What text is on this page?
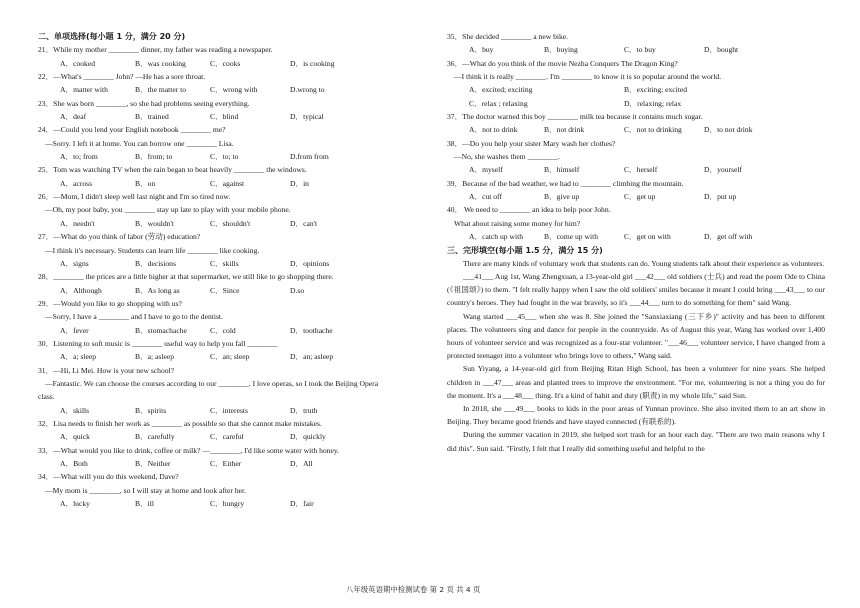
二、单项选择(每小题 1 分，满分 20 分)
21．While my mother ________ dinner, my father was reading a newspaper.
A．cooked	B．was cooking	C．cooks	D．is cooking
22．—What's ________ John? —He has a sore throat.
A．matter with	B．the matter to	C．wrong with	D.wrong to
23．She was born ________, so she had problems seeing everything.
A．deaf	B．trained	C．blind	D．typical
24．—Could you lend your English notebook ________ me?
—Sorry. I left it at home. You can borrow one ________ Lisa.
A．to; from	B．from; to	C．to; to	D.from from
25．Tom was watching TV when the rain began to beat heavily ________ the windows.
A．across	B．on	C．against	D．in
26．—Mom, I didn't sleep well last night and I'm so tired now.
—Oh, my poor baby, you ________ stay up late to play with your mobile phone.
A．needn't	B．wouldn't	C．shouldn't	D．can't
27．—What do you think of labor (劳动) education?
—I think it's necessary. Students can learn life ________ like cooking.
A．signs	B．decisions	C．skills	D．opinions
28．________ the prices are a little higher at that supermarket, we still like to go shopping there.
A．Although	B．As long as	C．Since	D.so
29．—Would you like to go shopping with us?
—Sorry, I have a ________ and I have to go to the dentist.
A．fever	B．stomachache	C．cold	D．toothache
30．Listening to soft music is ________ useful way to help you fall ________
A．a; sleep	B．a; asleep	C．an; sleep	D．an; asleep
31．—Hi, Li Mei. How is your new school?
—Fantastic. We can choose the courses according to our ________. I love operas, so I took the Beijing Opera
class.
A．skills	B．spirits	C．interests	D．truth
32．Lisa needs to finish her work as ________ as possible so that she cannot make mistakes.
A．quick	B．carefully	C．careful	D．quickly
33．—What would you like to drink, coffee or milk? —________, I'd like some water with honey.
A．Both	B．Neither	C．Either	D．All
34．—What will you do this weekend, Dave?
—My mom is ________, so I will stay at home and look after her.
A．lucky	B．ill	C．hungry	D．fair
35．She decided ________ a new bike.
A．buy	B．buying	C．to buy	D．bought
36．—What do you think of the movie Nezha Conquers The Dragon King?
—I think it is really ________. I'm ________ to know it is so popular around the world.
A．excited; exciting	B．exciting; excited
C．relax ; relaxing	D．relaxing; relax
37．The doctor warned this boy ________ milk tea because it contains much sugar.
A．not to drink	B．not drink	C．not to drinking	D．to not drink
38．—Do you help your sister Mary wash her clothes?
—No, she washes them ________.
A．myself	B．himself	C．herself	D．yourself
39．Because of the bad weather, we had to ________ climbing the mountain.
A．cut off	B．give up	C．get up	D．put up
40． We need to ________ an idea to help poor John.
What about raising some money for him?
A．catch up with	B．come up with	C．get on with	D．get off with
三、完形填空(每小题 1.5 分，满分 15 分)

There are many kinds of voluntary work that students can do. Young students talk about their experience as volunteers.

___41___ Aug 1st, Wang Zhengxuan, a 13-year-old girl ___42___ old soldiers (士兵) and read the poem Ode to China (《祖国颂》) to them. "I felt really happy when I saw the old soldiers' smiles because it meant I could bring ___43___ to our country's heroes. They had fought in the war bravely, so it's ___44___ turn to do something for them" said Wang.

Wang started ___45___ when she was 8. She joined the "Sanxiaxiang (三下乡)" activity and has been to different places. The volunteers sing and dance for people in the countryside. As of August this year, Wang has worked over 1,400 hours of volunteer service and was recognized as a four-star volunteer. "___46___ volunteer service, I have changed from a protected teenager into a volunteer who brings love to others," Wang said.

Sun Yiyang, a 14-year-old girl from Beijing Ritan High School, has been a volunteer for nine years. She helped children in ___47___ areas and planted trees to improve the environment. "For me, volunteering is not a thing you do for the moment. It's a ___48___ thing. It's a kind of habit and duty (职责) in my whole life," said Sun.

In 2018, she ___49___ books to kids in the poor areas of Yunnan province. She also invited them to an art show in Beijing. They became good friends and have stayed connected (有联系的).

During the summer vacation in 2019, she helped sort trash for an hour each day. "There are two main reasons why I did this". Sun said. "Firstly, I felt that I really did something useful and helpful to the

八年级英语期中检测试卷 第 2 页 共 4 页
